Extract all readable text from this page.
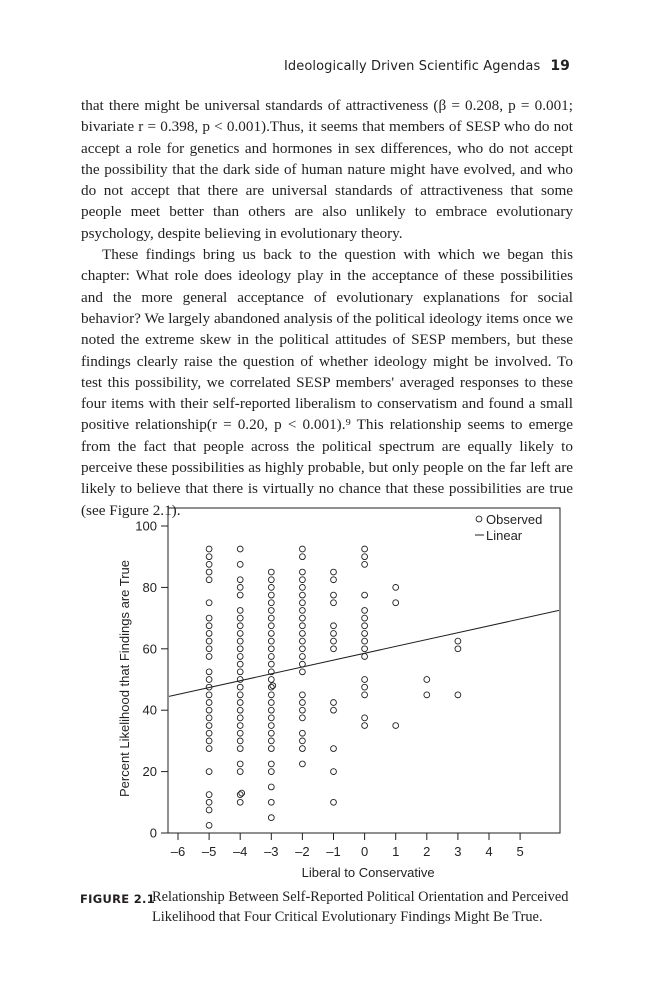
Ideologically Driven Scientific Agendas 19

that there might be universal standards of attractiveness (β = 0.208, p = 0.001; bivariate r = 0.398, p < 0.001).Thus, it seems that members of SESP who do not accept a role for genetics and hormones in sex differences, who do not accept the possibility that the dark side of human nature might have evolved, and who do not accept that there are universal standards of attractiveness that some people meet better than others are also unlikely to embrace evolutionary psychology, despite believing in evolutionary theory.

These findings bring us back to the question with which we began this chapter: What role does ideology play in the acceptance of these possibilities and the more general acceptance of evolutionary explanations for social behavior? We largely abandoned analysis of the political ideology items once we noted the extreme skew in the political attitudes of SESP members, but these findings clearly raise the question of whether ideology might be involved. To test this possibility, we correlated SESP members' averaged responses to these four items with their self-reported liberalism to conservatism and found a small positive relationship(r = 0.20, p < 0.001).⁹ This relationship seems to emerge from the fact that people across the political spectrum are equally likely to perceive these possibilities as highly probable, but only people on the far left are likely to believe that there is virtually no chance that these possibilities are true (see Figure 2.1).

0
20
40
60
80
100
–6 –5 –4 –3 –2 –1 0 1 2 3 4 5
Liberal to Conservative
Percent Likelihood that Findings are True
Observed
Linear
FIGURE 2.1
Relationship Between Self-Reported Political Orientation and Perceived Likelihood that Four Critical Evolutionary Findings Might Be True.
